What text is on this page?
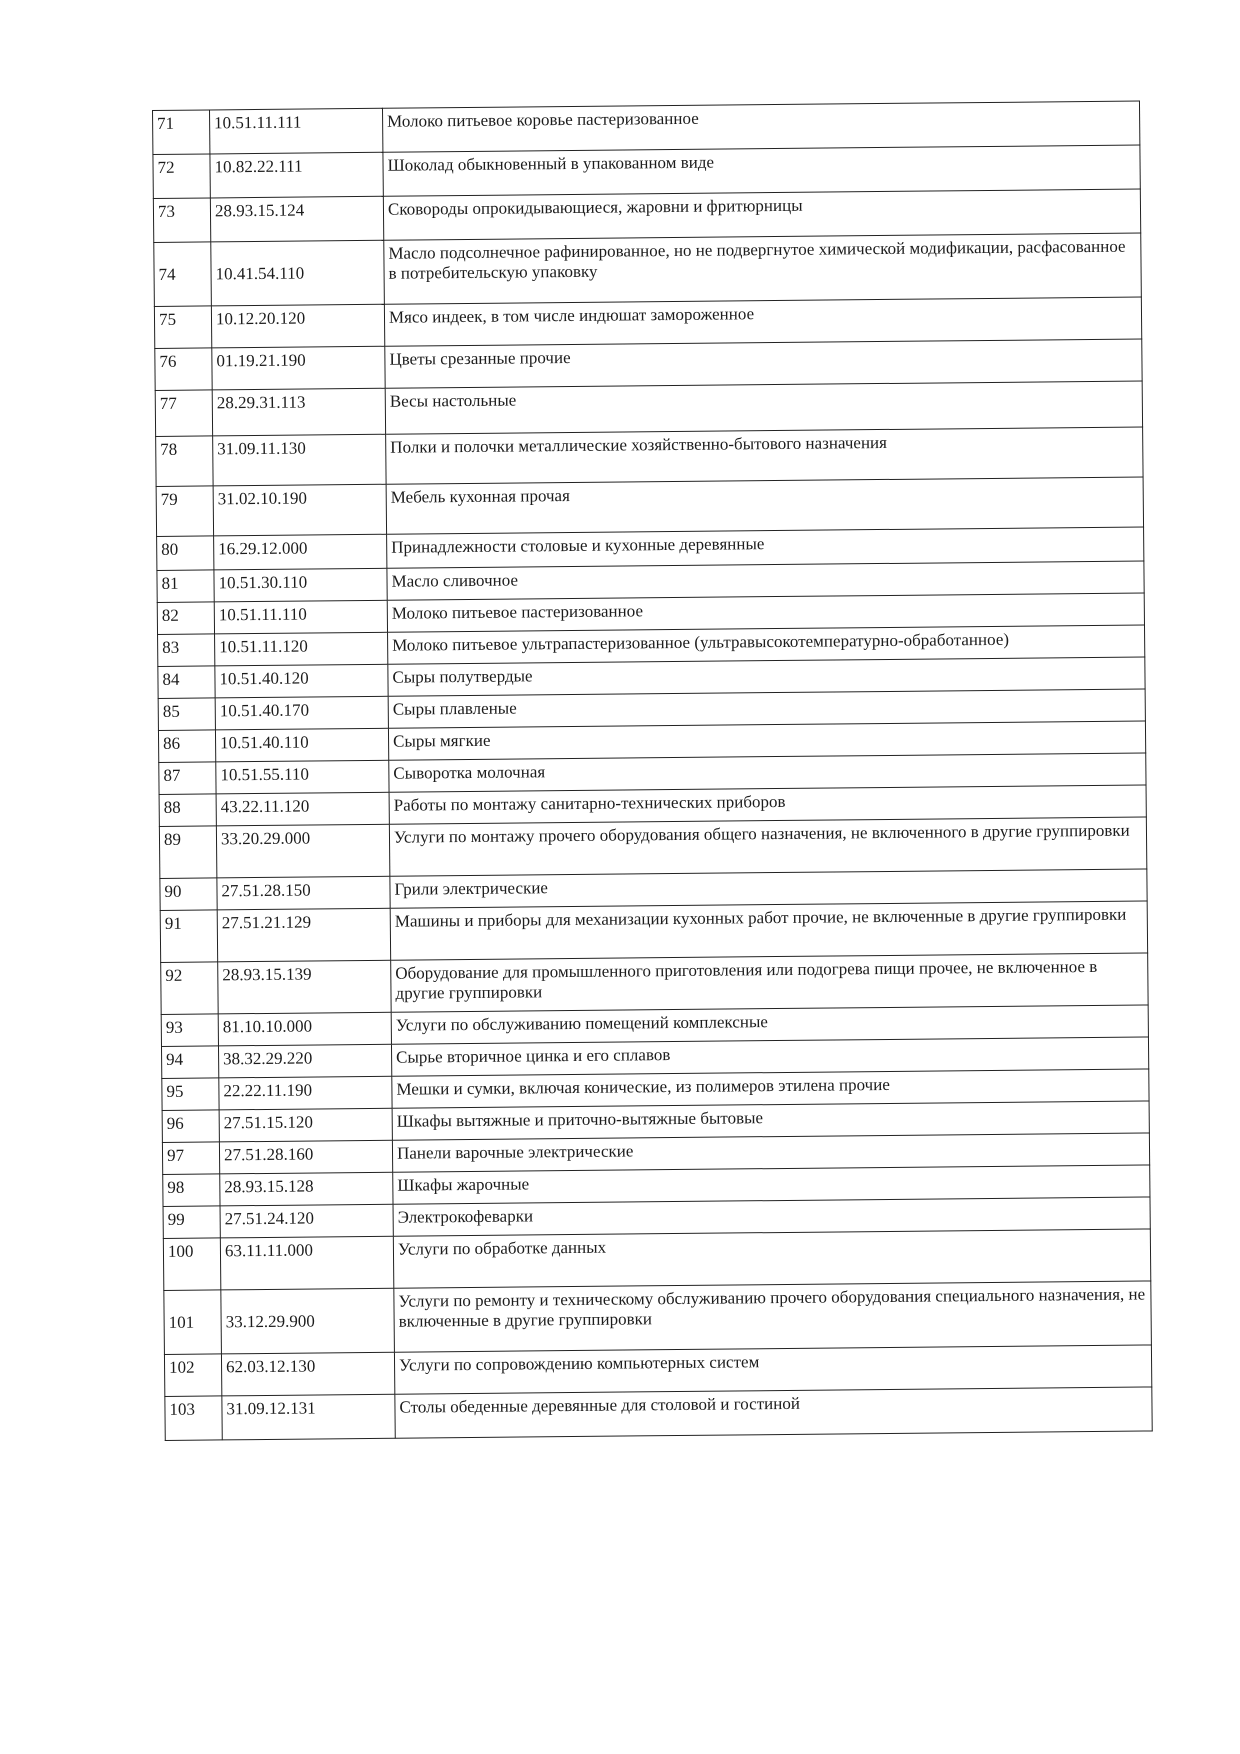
71	10.51.11.111	Молоко питьевое коровье пастеризованное
72	10.82.22.111	Шоколад обыкновенный в упакованном виде
73	28.93.15.124	Сковороды опрокидывающиеся, жаровни и фритюрницы
74	10.41.54.110	Масло подсолнечное рафинированное, но не подвергнутое химической модификации, расфасованное в потребительскую упаковку
75	10.12.20.120	Мясо индеек, в том числе индюшат замороженное
76	01.19.21.190	Цветы срезанные прочие
77	28.29.31.113	Весы настольные
78	31.09.11.130	Полки и полочки металлические хозяйственно-бытового назначения
79	31.02.10.190	Мебель кухонная прочая
80	16.29.12.000	Принадлежности столовые и кухонные деревянные
81	10.51.30.110	Масло сливочное
82	10.51.11.110	Молоко питьевое пастеризованное
83	10.51.11.120	Молоко питьевое ультрапастеризованное (ультравысокотемпературно-обработанное)
84	10.51.40.120	Сыры полутвердые
85	10.51.40.170	Сыры плавленые
86	10.51.40.110	Сыры мягкие
87	10.51.55.110	Сыворотка молочная
88	43.22.11.120	Работы по монтажу санитарно-технических приборов
89	33.20.29.000	Услуги по монтажу прочего оборудования общего назначения, не включенного в другие группировки
90	27.51.28.150	Грили электрические
91	27.51.21.129	Машины и приборы для механизации кухонных работ прочие, не включенные в другие группировки
92	28.93.15.139	Оборудование для промышленного приготовления или подогрева пищи прочее, не включенное в другие группировки
93	81.10.10.000	Услуги по обслуживанию помещений комплексные
94	38.32.29.220	Сырье вторичное цинка и его сплавов
95	22.22.11.190	Мешки и сумки, включая конические, из полимеров этилена прочие
96	27.51.15.120	Шкафы вытяжные и приточно-вытяжные бытовые
97	27.51.28.160	Панели варочные электрические
98	28.93.15.128	Шкафы жарочные
99	27.51.24.120	Электрокофеварки
100	63.11.11.000	Услуги по обработке данных
101	33.12.29.900	Услуги по ремонту и техническому обслуживанию прочего оборудования специального назначения, не включенные в другие группировки
102	62.03.12.130	Услуги по сопровождению компьютерных систем
103	31.09.12.131	Столы обеденные деревянные для столовой и гостиной
